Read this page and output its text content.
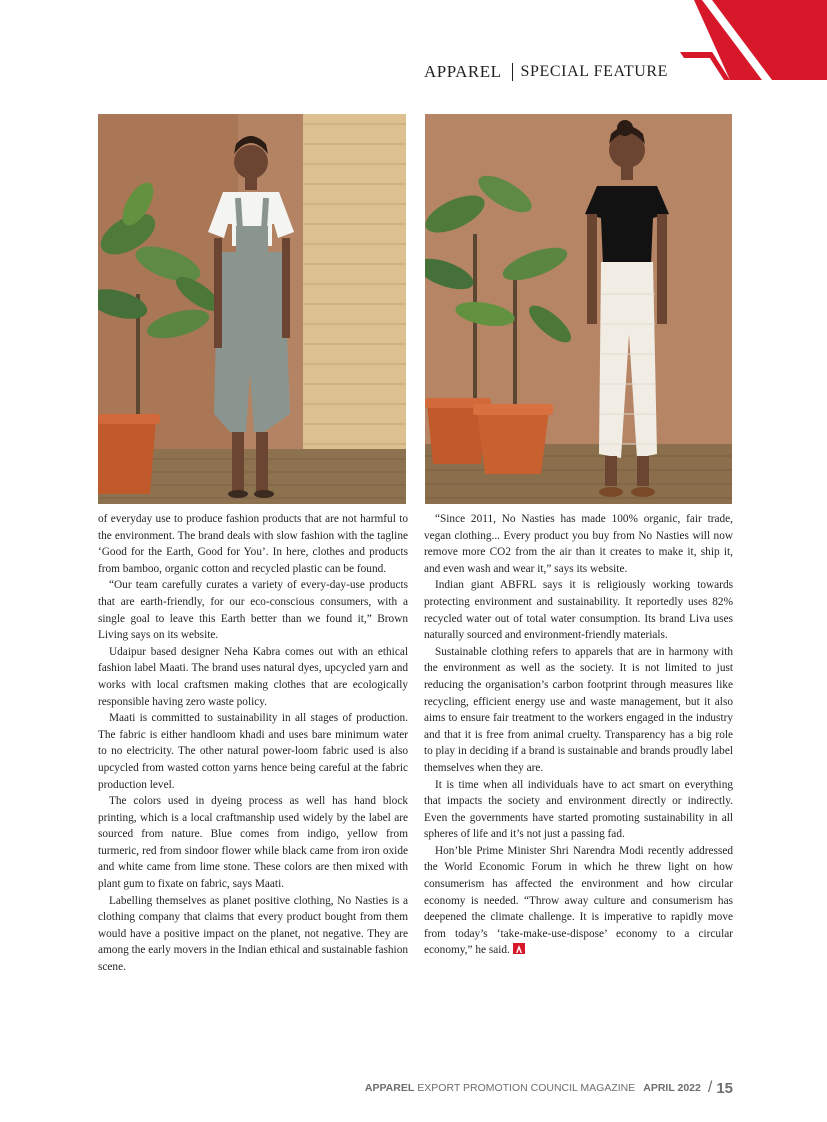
APPAREL SPECIAL FEATURE

of everyday use to produce fashion products that are not harmful to the environment. The brand deals with slow fashion with the tagline ‘Good for the Earth, Good for You’. In here, clothes and products from bamboo, organic cotton and recycled plastic can be found.

“Our team carefully curates a variety of every-day-use products that are earth-friendly, for our eco-conscious consumers, with a single goal to leave this Earth better than we found it,” Brown Living says on its website.

Udaipur based designer Neha Kabra comes out with an ethical fashion label Maati. The brand uses natural dyes, upcycled yarn and works with local craftsmen making clothes that are ecologically responsible having zero waste policy.

Maati is committed to sustainability in all stages of production. The fabric is either handloom khadi and uses bare minimum water to no electricity. The other natural power-loom fabric used is also upcycled from wasted cotton yarns hence being careful at the fabric production level.

The colors used in dyeing process as well has hand block printing, which is a local craftmanship used widely by the label are sourced from nature. Blue comes from indigo, yellow from turmeric, red from sindoor flower while black came from iron oxide and white came from lime stone. These colors are then mixed with plant gum to fixate on fabric, says Maati.

Labelling themselves as planet positive clothing, No Nasties is a clothing company that claims that every product bought from them would have a positive impact on the planet, not negative. They are among the early movers in the Indian ethical and sustainable fashion scene.

“Since 2011, No Nasties has made 100% organic, fair trade, vegan clothing... Every product you buy from No Nasties will now remove more CO2 from the air than it creates to make it, ship it, and even wash and wear it,” says its website.

Indian giant ABFRL says it is religiously working towards protecting environment and sustainability. It reportedly uses 82% recycled water out of total water consumption. Its brand Liva uses naturally sourced and environment-friendly materials.

Sustainable clothing refers to apparels that are in harmony with the environment as well as the society. It is not limited to just reducing the organisation’s carbon footprint through measures like recycling, efficient energy use and waste management, but it also aims to ensure fair treatment to the workers engaged in the industry and that it is free from animal cruelty. Transparency has a big role to play in deciding if a brand is sustainable and brands proudly label themselves when they are.

It is time when all individuals have to act smart on everything that impacts the society and environment directly or indirectly. Even the governments have started promoting sustainability in all spheres of life and it’s not just a passing fad.

Hon’ble Prime Minister Shri Narendra Modi recently addressed the World Economic Forum in which he threw light on how consumerism has affected the environment and how circular economy is needed. “Throw away culture and consumerism has deepened the climate challenge. It is imperative to rapidly move from today’s ‘take-make-use-dispose’ economy to a circular economy,” he said.

APPAREL EXPORT PROMOTION COUNCIL MAGAZINE APRIL 2022 / 15
